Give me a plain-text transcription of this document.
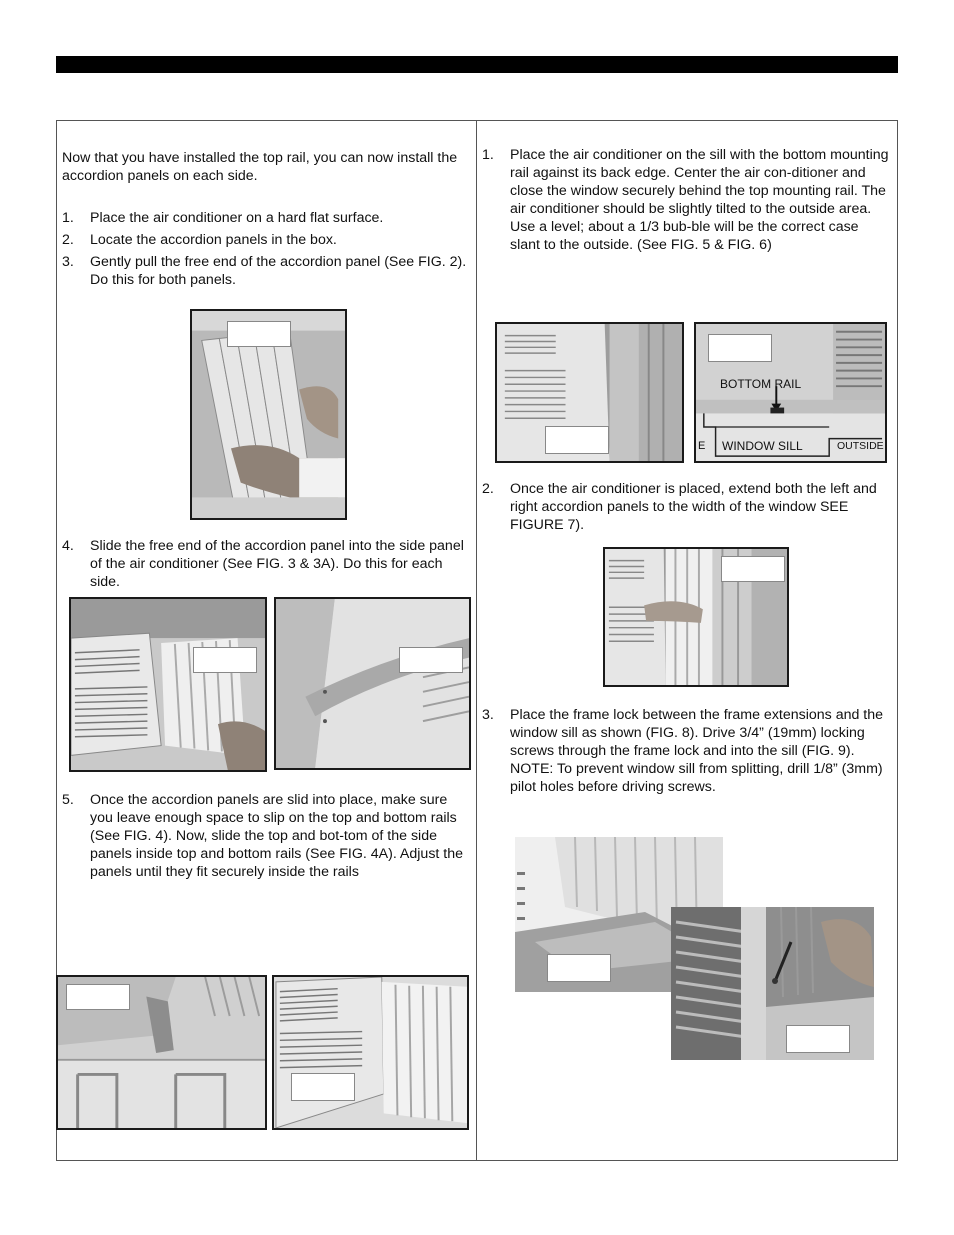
Now that you have installed the top rail, you can now install the accordion panels on each side.

1. Place the air conditioner on a hard flat surface.
2. Locate the accordion panels in the box.
3. Gently pull the free end of the accordion panel (See FIG. 2). Do this for both panels.
4. Slide the free end of the accordion panel into the side panel of the air conditioner (See FIG. 3 & 3A). Do this for each side.
5. Once the accordion panels are slid into place, make sure you leave enough space to slip on the top and bottom rails (See FIG. 4). Now, slide the top and bot-tom of the side panels inside top and bottom rails (See FIG. 4A). Adjust the panels until they fit securely inside the rails
1. Place the air conditioner on the sill with the bottom mounting rail against its back edge. Center the air con-ditioner and close the window securely behind the top mounting rail. The air conditioner should be slightly tilted to the outside area. Use a level; about a 1/3 bub-ble will be the correct case slant to the outside. (See FIG. 5 & FIG. 6)
BOTTOM RAIL
E WINDOW SILL	OUTSIDE
2. Once the air conditioner is placed, extend both the left and right accordion panels to the width of the window SEE FIGURE 7).
3. Place the frame lock between the frame extensions and the window sill as shown (FIG. 8). Drive 3/4” (19mm) locking screws through the frame lock and into the sill (FIG. 9). NOTE: To prevent window sill from splitting, drill 1/8” (3mm) pilot holes before driving screws.
